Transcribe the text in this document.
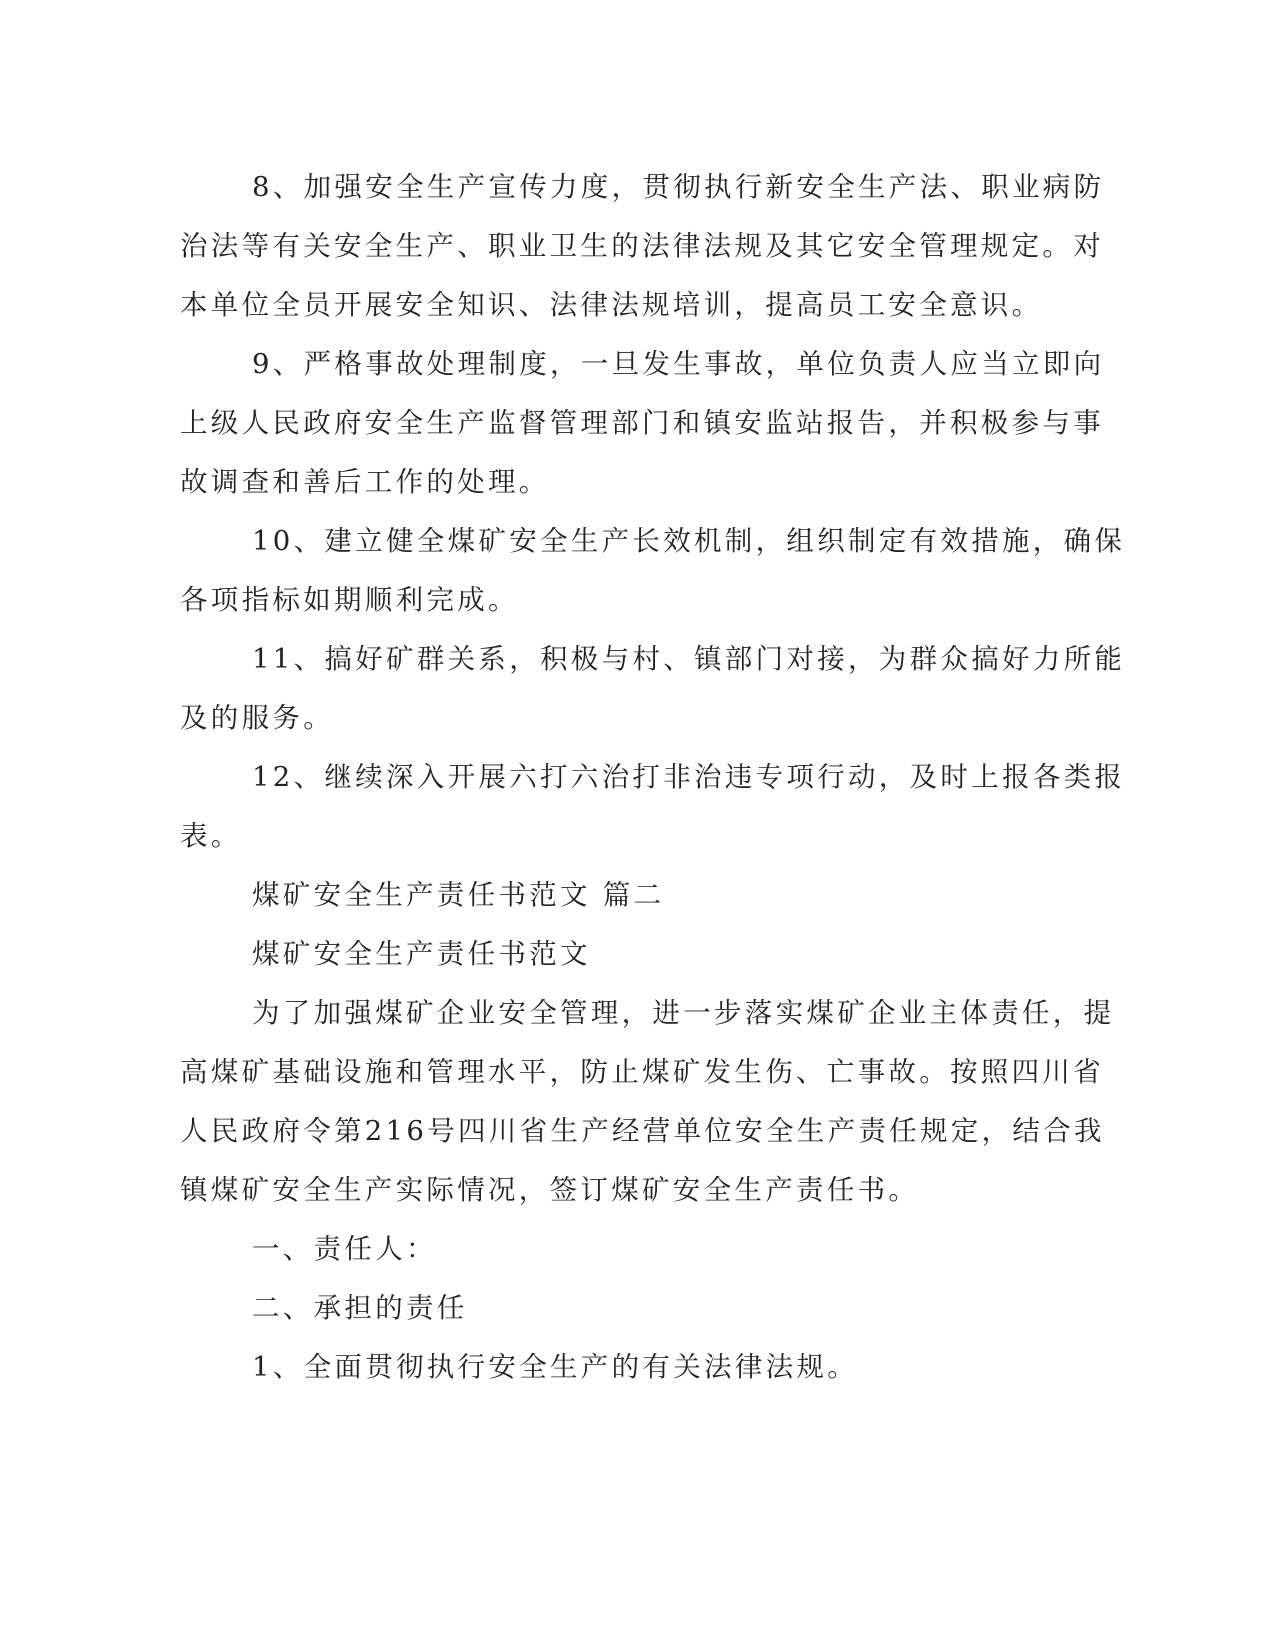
8、加强安全生产宣传力度，贯彻执行新安全生产法、职业病防

治法等有关安全生产、职业卫生的法律法规及其它安全管理规定。对

本单位全员开展安全知识、法律法规培训，提高员工安全意识。

9、严格事故处理制度，一旦发生事故，单位负责人应当立即向

上级人民政府安全生产监督管理部门和镇安监站报告，并积极参与事

故调查和善后工作的处理。

10、建立健全煤矿安全生产长效机制，组织制定有效措施，确保

各项指标如期顺利完成。

11、搞好矿群关系，积极与村、镇部门对接，为群众搞好力所能

及的服务。

12、继续深入开展六打六治打非治违专项行动，及时上报各类报

表。

煤矿安全生产责任书范文 篇二

煤矿安全生产责任书范文

为了加强煤矿企业安全管理，进一步落实煤矿企业主体责任，提

高煤矿基础设施和管理水平，防止煤矿发生伤、亡事故。按照四川省

人民政府令第216号四川省生产经营单位安全生产责任规定，结合我

镇煤矿安全生产实际情况，签订煤矿安全生产责任书。

一、责任人：

二、承担的责任

1、全面贯彻执行安全生产的有关法律法规。
